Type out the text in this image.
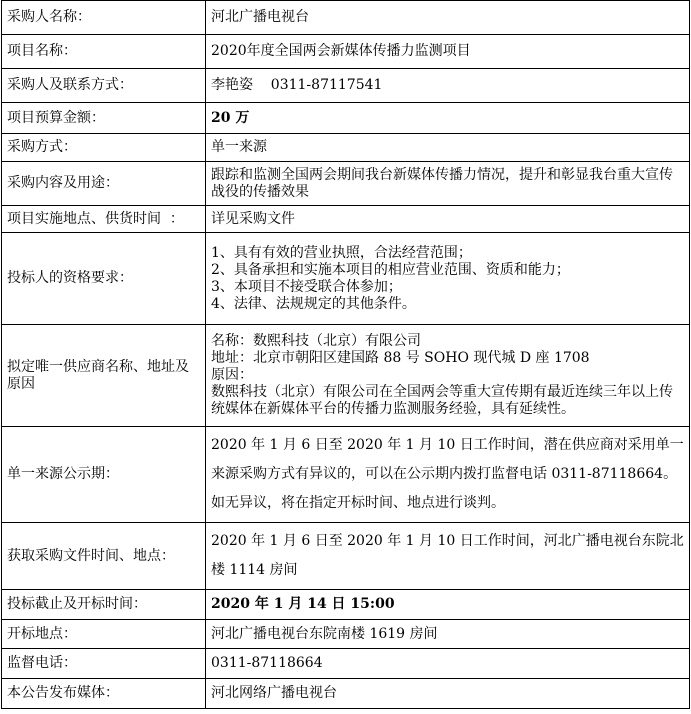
采购人名称：	河北广播电视台
项目名称：	2020年度全国两会新媒体传播力监测项目
采购人及联系方式：	李艳姿    0311-87117541
项目预算金额：	20 万
采购方式：	单一来源
采购内容及用途：	跟踪和监测全国两会期间我台新媒体传播力情况，提升和彰显我台重大宣传战役的传播效果
项目实施地点、供货时间  ：	详见采购文件
投标人的资格要求：	1、具有有效的营业执照，合法经营范围；
2、具备承担和实施本项目的相应营业范围、资质和能力；
3、本项目不接受联合体参加；
4、法律、法规规定的其他条件。

拟定唯一供应商名称、地址及原因	名称：数熙科技（北京）有限公司
地址：北京市朝阳区建国路 88 号 SOHO 现代城 D 座 1708
原因：
数熙科技（北京）有限公司在全国两会等重大宣传期有最近连续三年以上传统媒体在新媒体平台的传播力监测服务经验，具有延续性。

单一来源公示期：	2020 年 1 月 6 日至 2020 年 1 月 10 日工作时间，潜在供应商对采用单一来源采购方式有异议的，可以在公示期内拨打监督电话 0311-87118664。如无异议，将在指定开标时间、地点进行谈判。
获取采购文件时间、地点：	2020 年 1 月 6 日至 2020 年 1 月 10 日工作时间，河北广播电视台东院北楼 1114 房间
投标截止及开标时间：	2020 年 1 月 14 日 15:00
开标地点：	河北广播电视台东院南楼 1619 房间
监督电话：	0311-87118664
本公告发布媒体：	河北网络广播电视台
